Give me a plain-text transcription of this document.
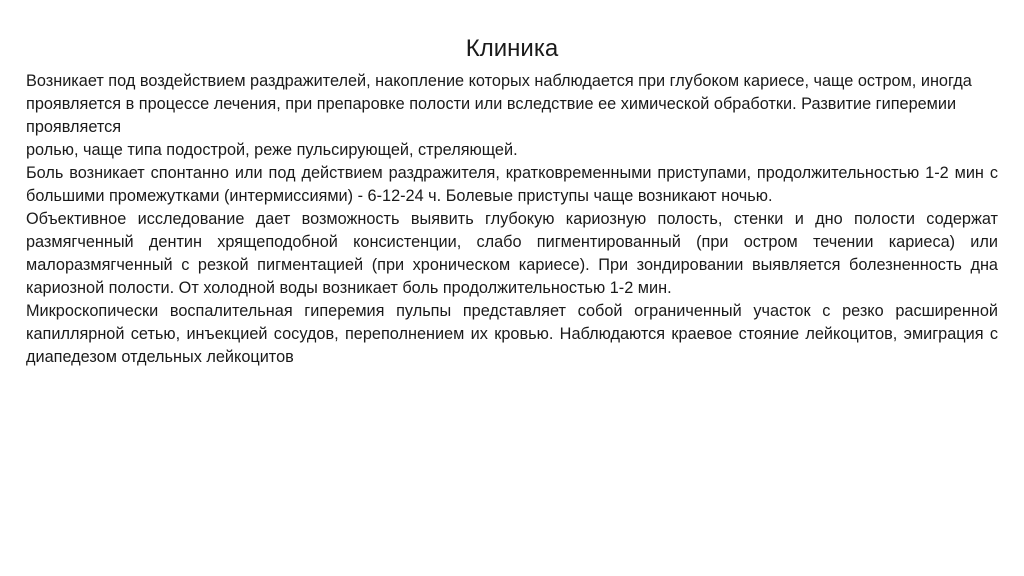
Клиника

Возникает под воздействием раздражителей, накопление которых наблюдается при глубоком кариесе, чаще остром, иногда проявляется в процессе лечения, при препаровке полости или вследствие ее химической обработки. Развитие гиперемии проявляется

ролью, чаще типа подострой, реже пульсирующей, стреляющей.

Боль возникает спонтанно или под действием раздражителя, кратковременными приступами, продолжительностью 1-2 мин с большими промежутками (интермиссиями) - 6-12-24 ч. Болевые приступы чаще возникают ночью.

Объективное исследование дает возможность выявить глубокую кариозную полость, стенки и дно полости содержат размягченный дентин хрящеподобной консистенции, слабо пигментированный (при остром течении кариеса) или малоразмягченный с резкой пигментацией (при хроническом кариесе). При зондировании выявляется болезненность дна кариозной полости. От холодной воды возникает боль продолжительностью 1-2 мин.

Микроскопически воспалительная гиперемия пульпы представляет собой ограниченный участок с резко расширенной капиллярной сетью, инъекцией сосудов, переполнением их кровью. Наблюдаются краевое стояние лейкоцитов, эмиграция с диапедезом отдельных лейкоцитов
